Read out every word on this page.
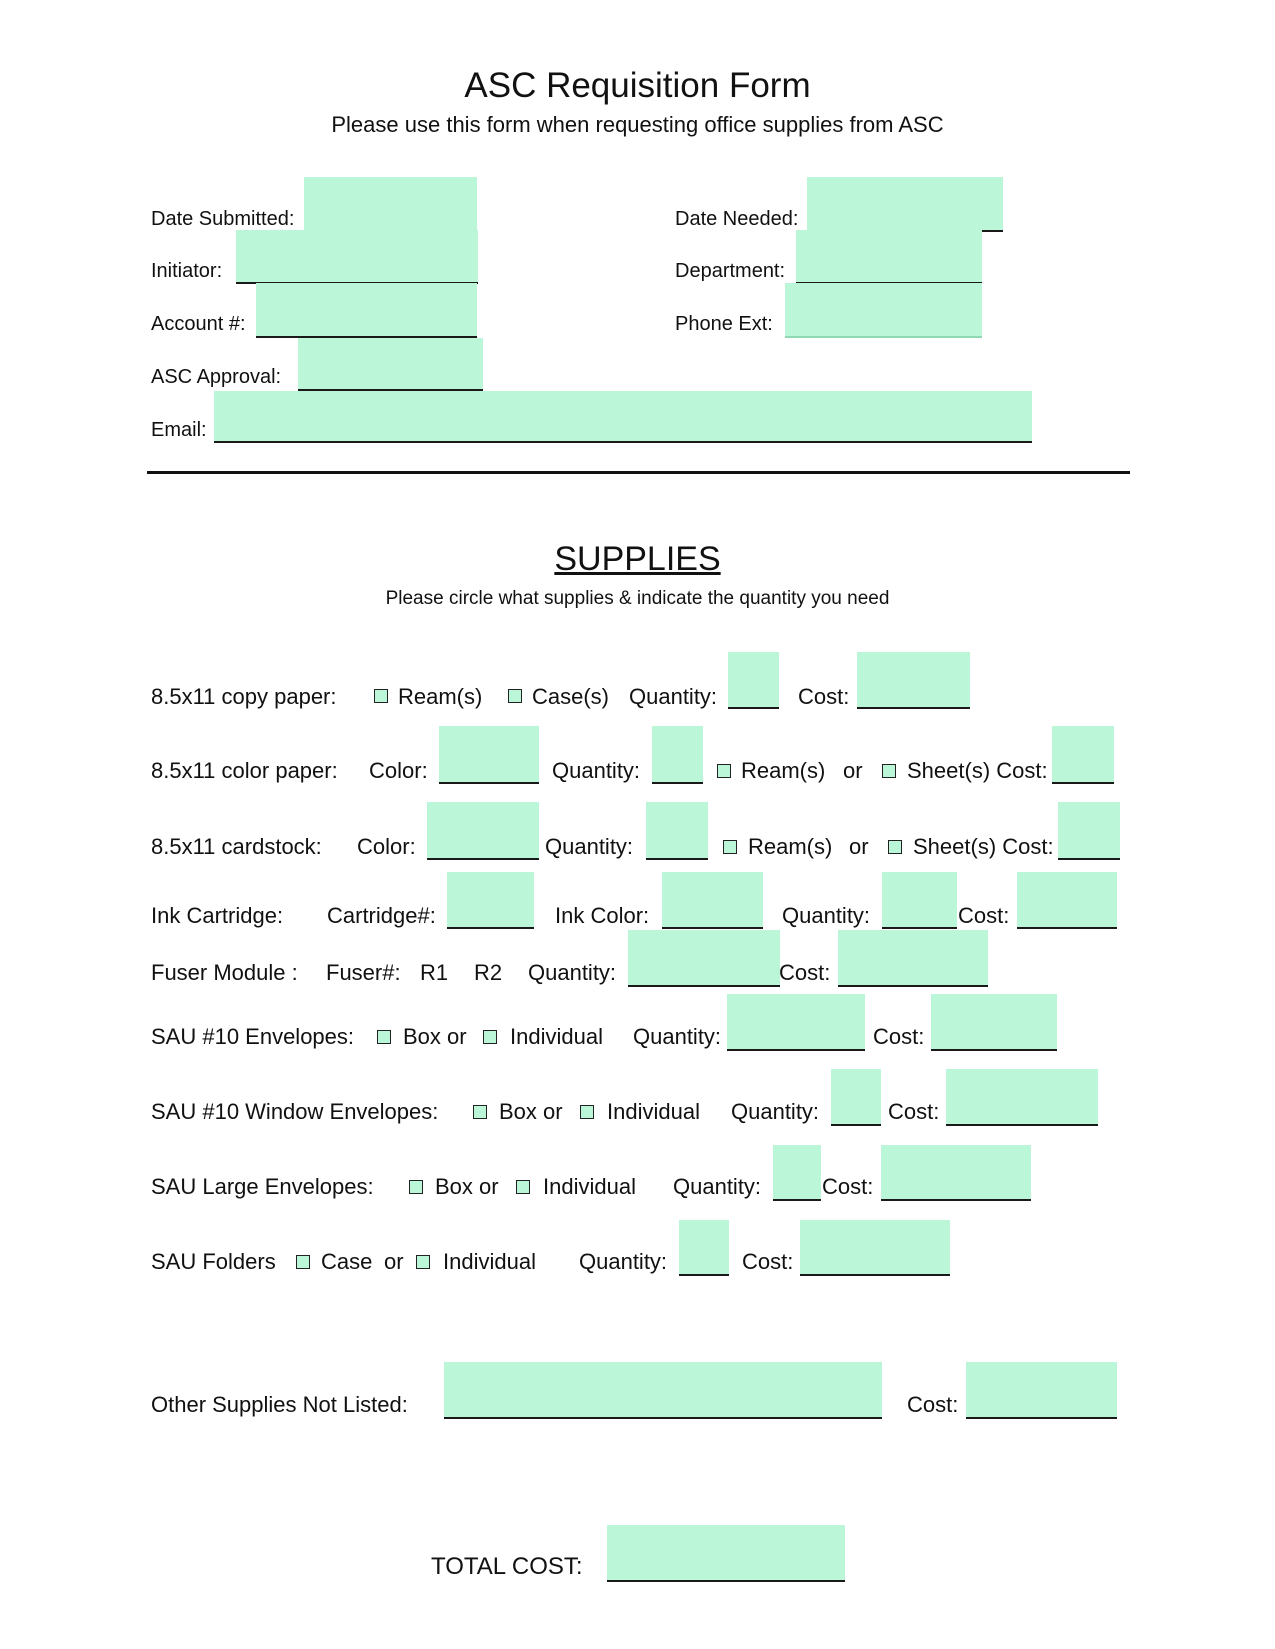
ASC Requisition Form
Please use this form when requesting office supplies from ASC
Date Submitted:	Date Needed:
Initiator:	Department:
Account #:	Phone Ext:
ASC Approval:
Email:
SUPPLIES
Please circle what supplies & indicate the quantity you need
8.5x11 copy paper:	Ream(s) Case(s) Quantity:	Cost:
8.5x11 color paper: Color:	Quantity:	Ream(s) or Sheet(s) Cost:
8.5x11 cardstock: Color:	Quantity:	Ream(s) or Sheet(s) Cost:
Ink Cartridge: Cartridge#:	Ink Color:	Quantity:	Cost:
Fuser Module : Fuser#: R1 R2 Quantity:	Cost:
SAU #10 Envelopes: Box or Individual Quantity:	Cost:
SAU #10 Window Envelopes:	Box or Individual Quantity:	Cost:
SAU Large Envelopes:	Box or Individual Quantity:	Cost:
SAU Folders Case or Individual Quantity:	Cost:
Other Supplies Not Listed:	Cost:
TOTAL COST:
